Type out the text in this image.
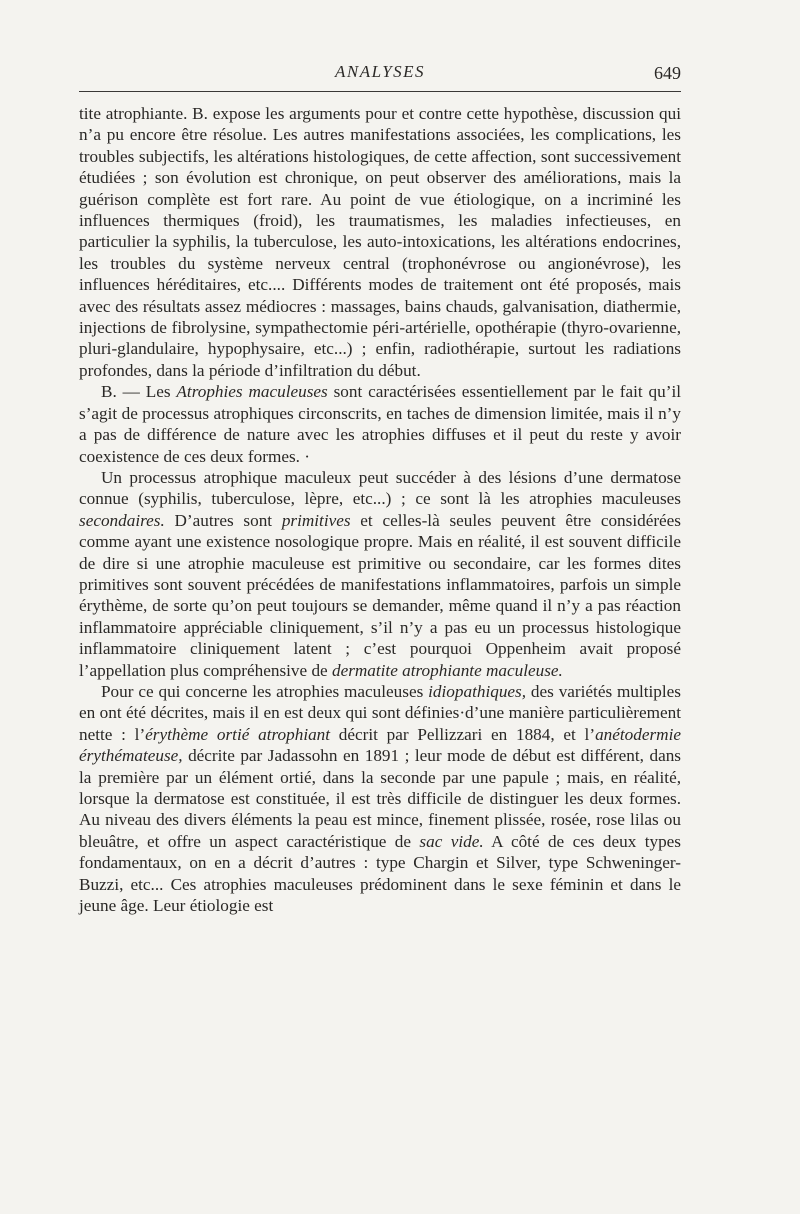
ANALYSES	649

tite atrophiante. B. expose les arguments pour et contre cette hypothèse, discussion qui n’a pu encore être résolue. Les autres manifestations associées, les complications, les troubles subjectifs, les altérations histologiques, de cette affection, sont successivement étudiées ; son évolution est chronique, on peut observer des améliorations, mais la guérison complète est fort rare. Au point de vue étiologique, on a incriminé les influences thermiques (froid), les traumatismes, les maladies infectieuses, en particulier la syphilis, la tuberculose, les auto-intoxications, les altérations endocrines, les troubles du système nerveux central (trophonévrose ou angionévrose), les influences héréditaires, etc.... Différents modes de traitement ont été proposés, mais avec des résultats assez médiocres : massages, bains chauds, galvanisation, diathermie, injections de fibrolysine, sympathectomie péri-artérielle, opothérapie (thyro-ovarienne, pluri-glandulaire, hypophysaire, etc...) ; enfin, radiothérapie, surtout les radiations profondes, dans la période d’infiltration du début.

B. — Les Atrophies maculeuses sont caractérisées essentiellement par le fait qu’il s’agit de processus atrophiques circonscrits, en taches de dimension limitée, mais il n’y a pas de différence de nature avec les atrophies diffuses et il peut du reste y avoir coexistence de ces deux formes. ·

Un processus atrophique maculeux peut succéder à des lésions d’une dermatose connue (syphilis, tuberculose, lèpre, etc...) ; ce sont là les atrophies maculeuses secondaires. D’autres sont primitives et celles-là seules peuvent être considérées comme ayant une existence nosologique propre. Mais en réalité, il est souvent difficile de dire si une atrophie maculeuse est primitive ou secondaire, car les formes dites primitives sont souvent précédées de manifestations inflammatoires, parfois un simple érythème, de sorte qu’on peut toujours se demander, même quand il n’y a pas réaction inflammatoire appréciable cliniquement, s’il n’y a pas eu un processus histologique inflammatoire cliniquement latent ; c’est pourquoi Oppenheim avait proposé l’appellation plus compréhensive de dermatite atrophiante maculeuse.

Pour ce qui concerne les atrophies maculeuses idiopathiques, des variétés multiples en ont été décrites, mais il en est deux qui sont définies·d’une manière particulièrement nette : l’érythème ortié atrophiant décrit par Pellizzari en 1884, et l’anétodermie érythémateuse, décrite par Jadassohn en 1891 ; leur mode de début est différent, dans la première par un élément ortié, dans la seconde par une papule ; mais, en réalité, lorsque la dermatose est constituée, il est très difficile de distinguer les deux formes. Au niveau des divers éléments la peau est mince, finement plissée, rosée, rose lilas ou bleuâtre, et offre un aspect caractéristique de sac vide. A côté de ces deux types fondamentaux, on en a décrit d’autres : type Chargin et Silver, type Schweninger-Buzzi, etc... Ces atrophies maculeuses prédominent dans le sexe féminin et dans le jeune âge. Leur étiologie est
